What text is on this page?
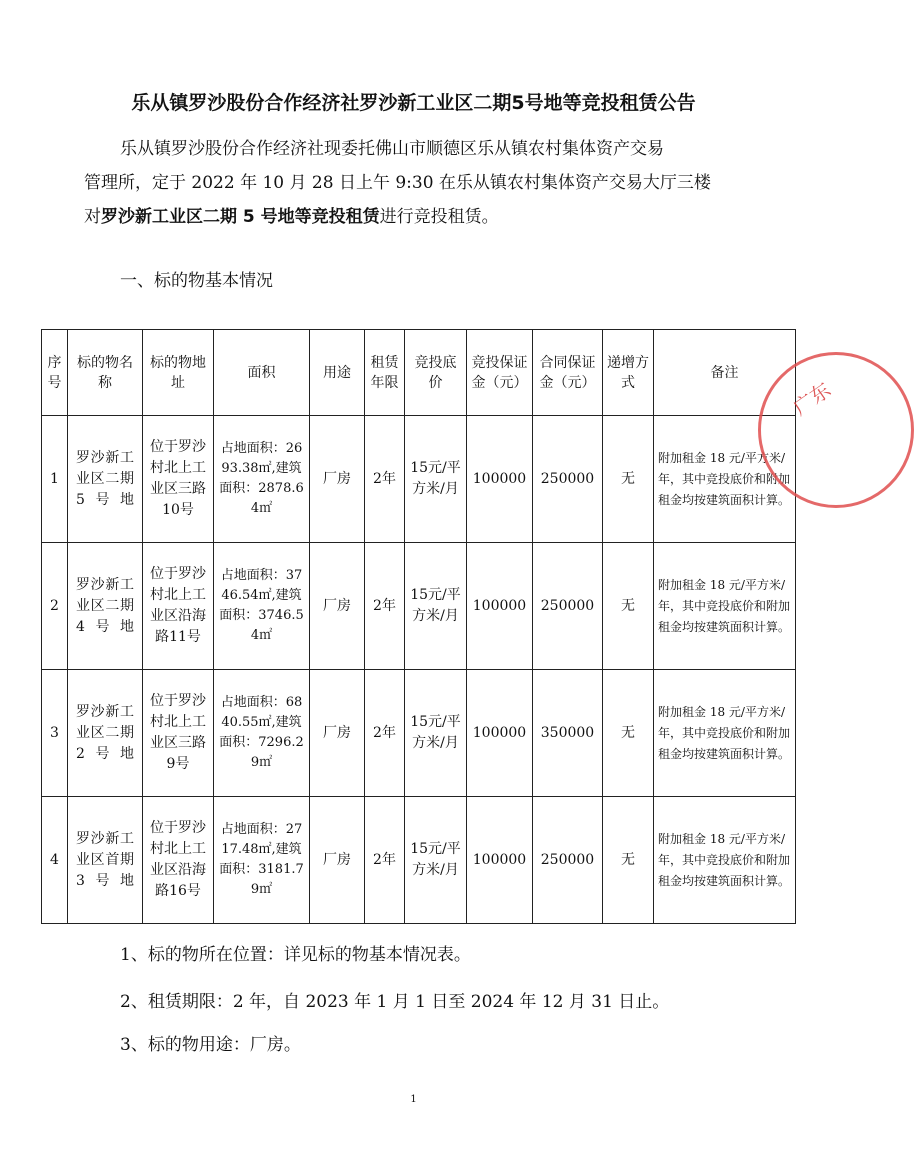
乐从镇罗沙股份合作经济社罗沙新工业区二期5号地等竞投租赁公告

乐从镇罗沙股份合作经济社现委托佛山市顺德区乐从镇农村集体资产交易

管理所，定于 2022 年 10 月 28 日上午 9:30 在乐从镇农村集体资产交易大厅三楼

对罗沙新工业区二期 5 号地等竞投租赁进行竞投租赁。

一、标的物基本情况
序号	标的物名称	标的物地址	面积	用途	租赁年限	竞投底价	竞投保证金（元）	合同保证金（元）	递增方式	备注
1	罗沙新工业区二期5号地	位于罗沙村北上工业区三路10号	占地面积：2693.38㎡,建筑面积：2878.64㎡	厂房	2年	15元/平方米/月	100000	250000	无	附加租金 18 元/平方米/年，其中竞投底价和附加租金均按建筑面积计算。
2	罗沙新工业区二期4号地	位于罗沙村北上工业区沿海路11号	占地面积：3746.54㎡,建筑面积：3746.54㎡	厂房	2年	15元/平方米/月	100000	250000	无	附加租金 18 元/平方米/年，其中竞投底价和附加租金均按建筑面积计算。
3	罗沙新工业区二期2号地	位于罗沙村北上工业区三路9号	占地面积：6840.55㎡,建筑面积：7296.29㎡	厂房	2年	15元/平方米/月	100000	350000	无	附加租金 18 元/平方米/年，其中竞投底价和附加租金均按建筑面积计算。
4	罗沙新工业区首期3号地	位于罗沙村北上工业区沿海路16号	占地面积：2717.48㎡,建筑面积：3181.79㎡	厂房	2年	15元/平方米/月	100000	250000	无	附加租金 18 元/平方米/年，其中竞投底价和附加租金均按建筑面积计算。
1、标的物所在位置：详见标的物基本情况表。
2、租赁期限：2 年，自 2023 年 1 月 1 日至 2024 年 12 月 31 日止。
3、标的物用途：厂房。
1
广东
